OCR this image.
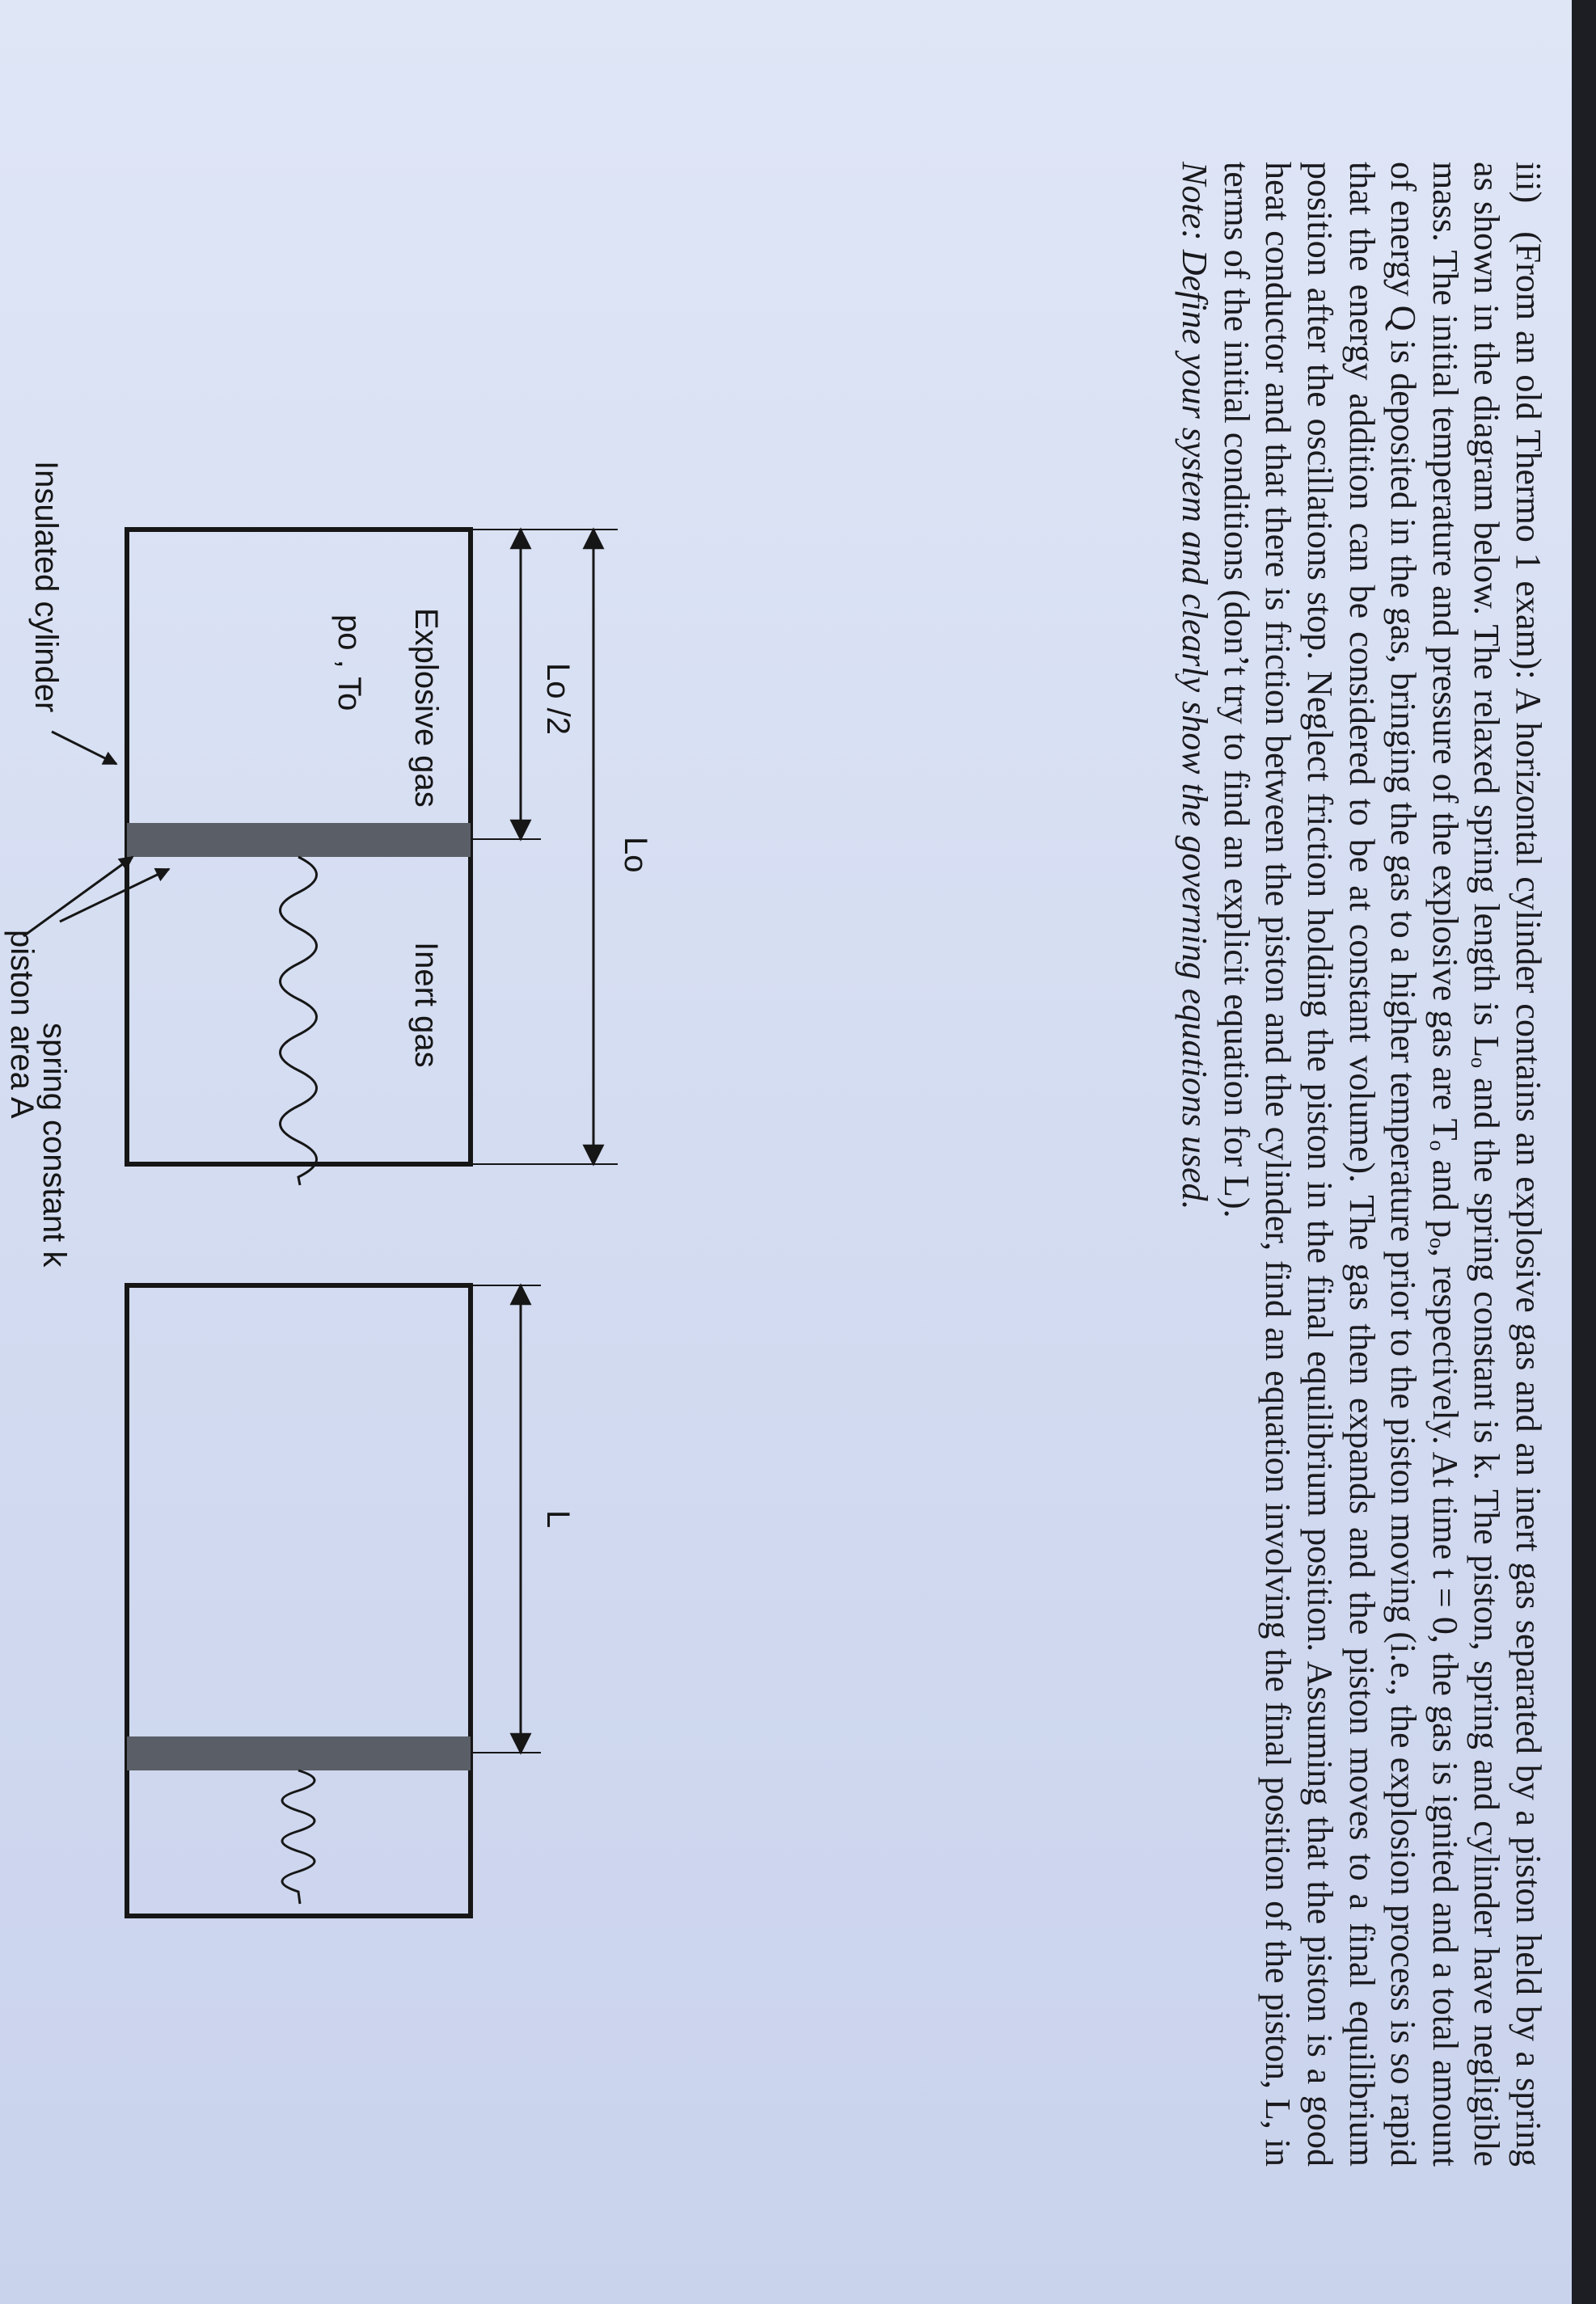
iii) (From an old Thermo 1 exam): A horizontal cylinder contains an explosive gas and an inert gas separated by a piston held by a spring as shown in the diagram below. The relaxed spring length is Lₒ and the spring constant is k. The piston, spring and cylinder have negligible mass. The initial temperature and pressure of the explosive gas are Tₒ and pₒ, respectively. At time t = 0, the gas is ignited and a total amount of energy Q is deposited in the gas, bringing the gas to a higher temperature prior to the piston moving (i.e., the explosion process is so rapid that the energy addition can be considered to be at constant volume). The gas then expands and the piston moves to a final equilibrium position after the oscillations stop. Neglect friction holding the piston in the final equilibrium position. Assuming that the piston is a good heat conductor and that there is friction between the piston and the cylinder, find an equation involving the final position of the piston, L, in terms of the initial conditions (don’t try to find an explicit equation for L).

Note: Define your system and clearly show the governing equations used.

Lo
Lo /2
L
Explosive gas
po , To
Inert gas
Insulated cylinder
spring constant k
piston area A
